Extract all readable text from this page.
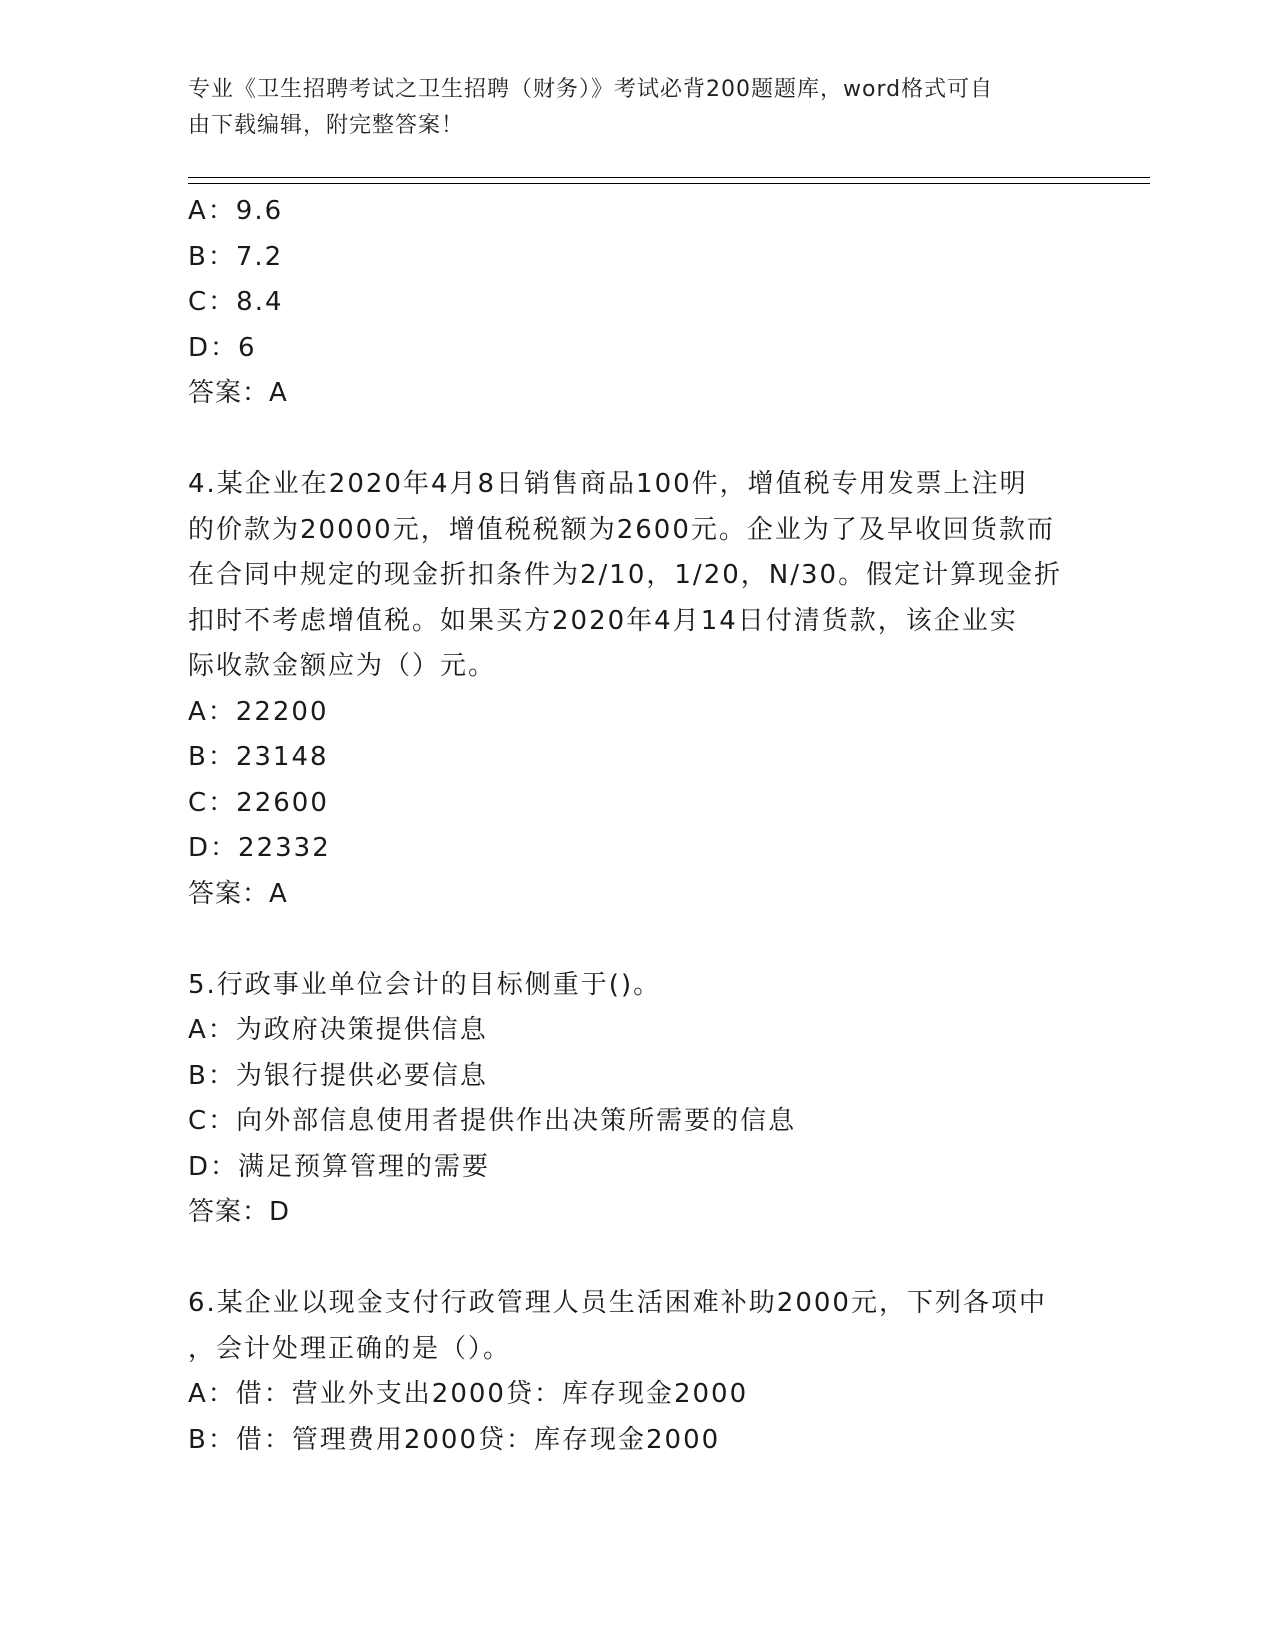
专业《卫生招聘考试之卫生招聘（财务）》考试必背200题题库，word格式可自
由下载编辑，附完整答案！
A：9.6
B：7.2
C：8.4
D：6
答案：A
4.某企业在2020年4月8日销售商品100件，增值税专用发票上注明
的价款为20000元，增值税税额为2600元。企业为了及早收回货款而
在合同中规定的现金折扣条件为2/10，1/20，N/30。假定计算现金折
扣时不考虑增值税。如果买方2020年4月14日付清货款，该企业实
际收款金额应为（）元。
A：22200
B：23148
C：22600
D：22332
答案：A
5.行政事业单位会计的目标侧重于()。
A：为政府决策提供信息
B：为银行提供必要信息
C：向外部信息使用者提供作出决策所需要的信息
D：满足预算管理的需要
答案：D
6.某企业以现金支付行政管理人员生活困难补助2000元，下列各项中
，会计处理正确的是（）。
A：借：营业外支出2000贷：库存现金2000
B：借：管理费用2000贷：库存现金2000
